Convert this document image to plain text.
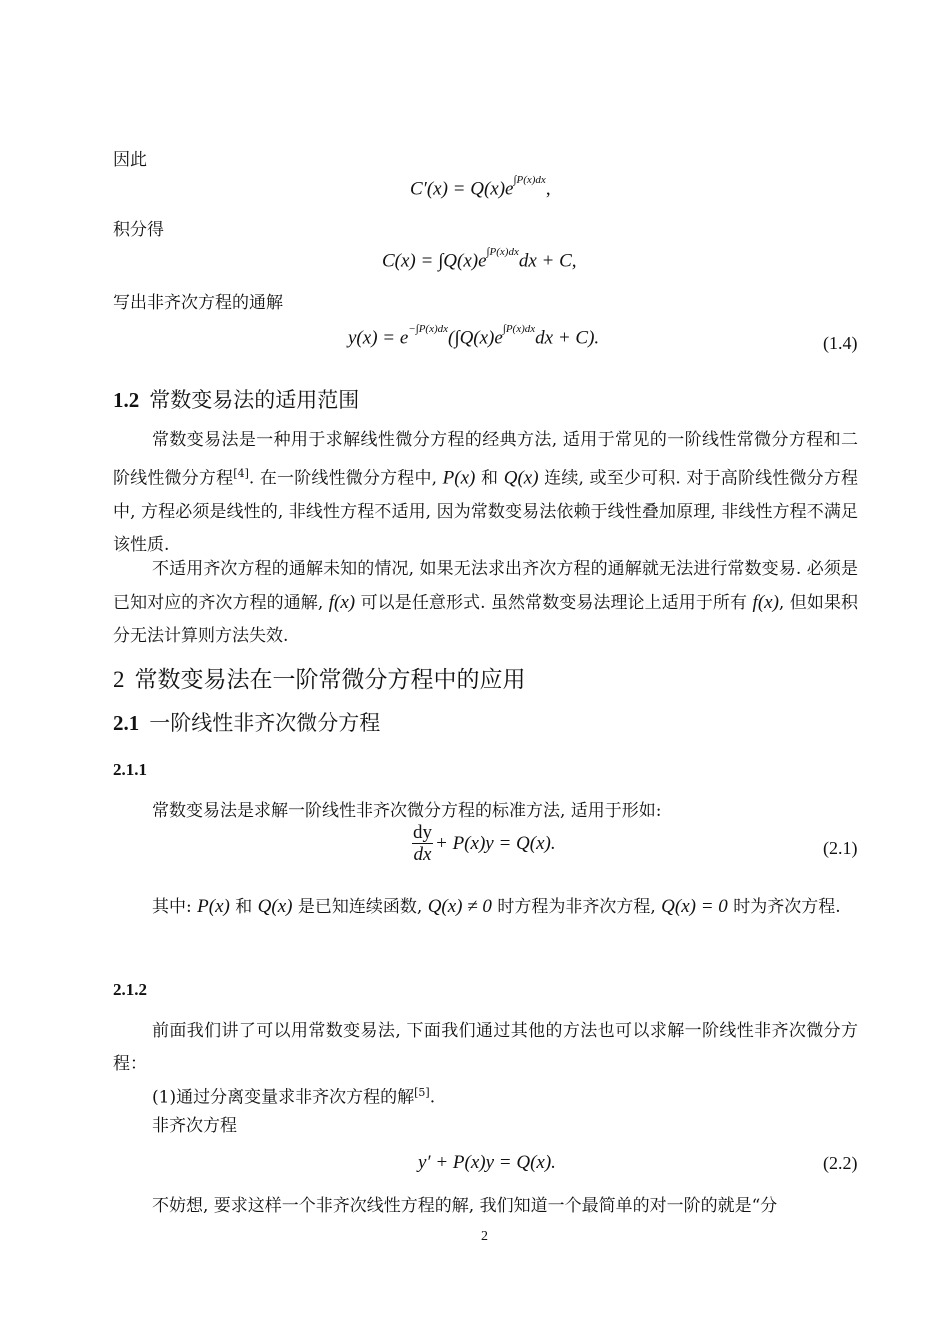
因此
$C'(x) = Q(x)e^{\int P(x)dx}$,
积分得
$C(x) = \int Q(x)e^{\int P(x)dx}dx + C$,
写出非齐次方程的通解
$y(x) = e^{-\int P(x)dx}(\int Q(x)e^{\int P(x)dx}dx + C)$.	(1.4)
1.2 常数变易法的适用范围
常数变易法是一种用于求解线性微分方程的经典方法, 适用于常见的一阶线性常微分方程和二阶线性微分方程[4]. 在一阶线性微分方程中, P(x) 和 Q(x) 连续, 或至少可积. 对于高阶线性微分方程中, 方程必须是线性的, 非线性方程不适用, 因为常数变易法依赖于线性叠加原理, 非线性方程不满足该性质.
不适用齐次方程的通解未知的情况, 如果无法求出齐次方程的通解就无法进行常数变易. 必须是已知对应的齐次方程的通解, f(x) 可以是任意形式. 虽然常数变易法理论上适用于所有 f(x), 但如果积分无法计算则方法失效.
2 常数变易法在一阶常微分方程中的应用
2.1 一阶线性非齐次微分方程
2.1.1
常数变易法是求解一阶线性非齐次微分方程的标准方法, 适用于形如:
$\frac{dy}{dx} + P(x)y = Q(x)$.	(2.1)
其中: P(x) 和 Q(x) 是已知连续函数, Q(x) ≠ 0 时方程为非齐次方程, Q(x) = 0 时为齐次方程.
2.1.2
前面我们讲了可以用常数变易法, 下面我们通过其他的方法也可以求解一阶线性非齐次微分方程：
(1)通过分离变量求非齐次方程的解[5].
非齐次方程
y′ + P(x)y = Q(x).	(2.2)
不妨想, 要求这样一个非齐次线性方程的解, 我们知道一个最简单的对一阶的就是“分
2
